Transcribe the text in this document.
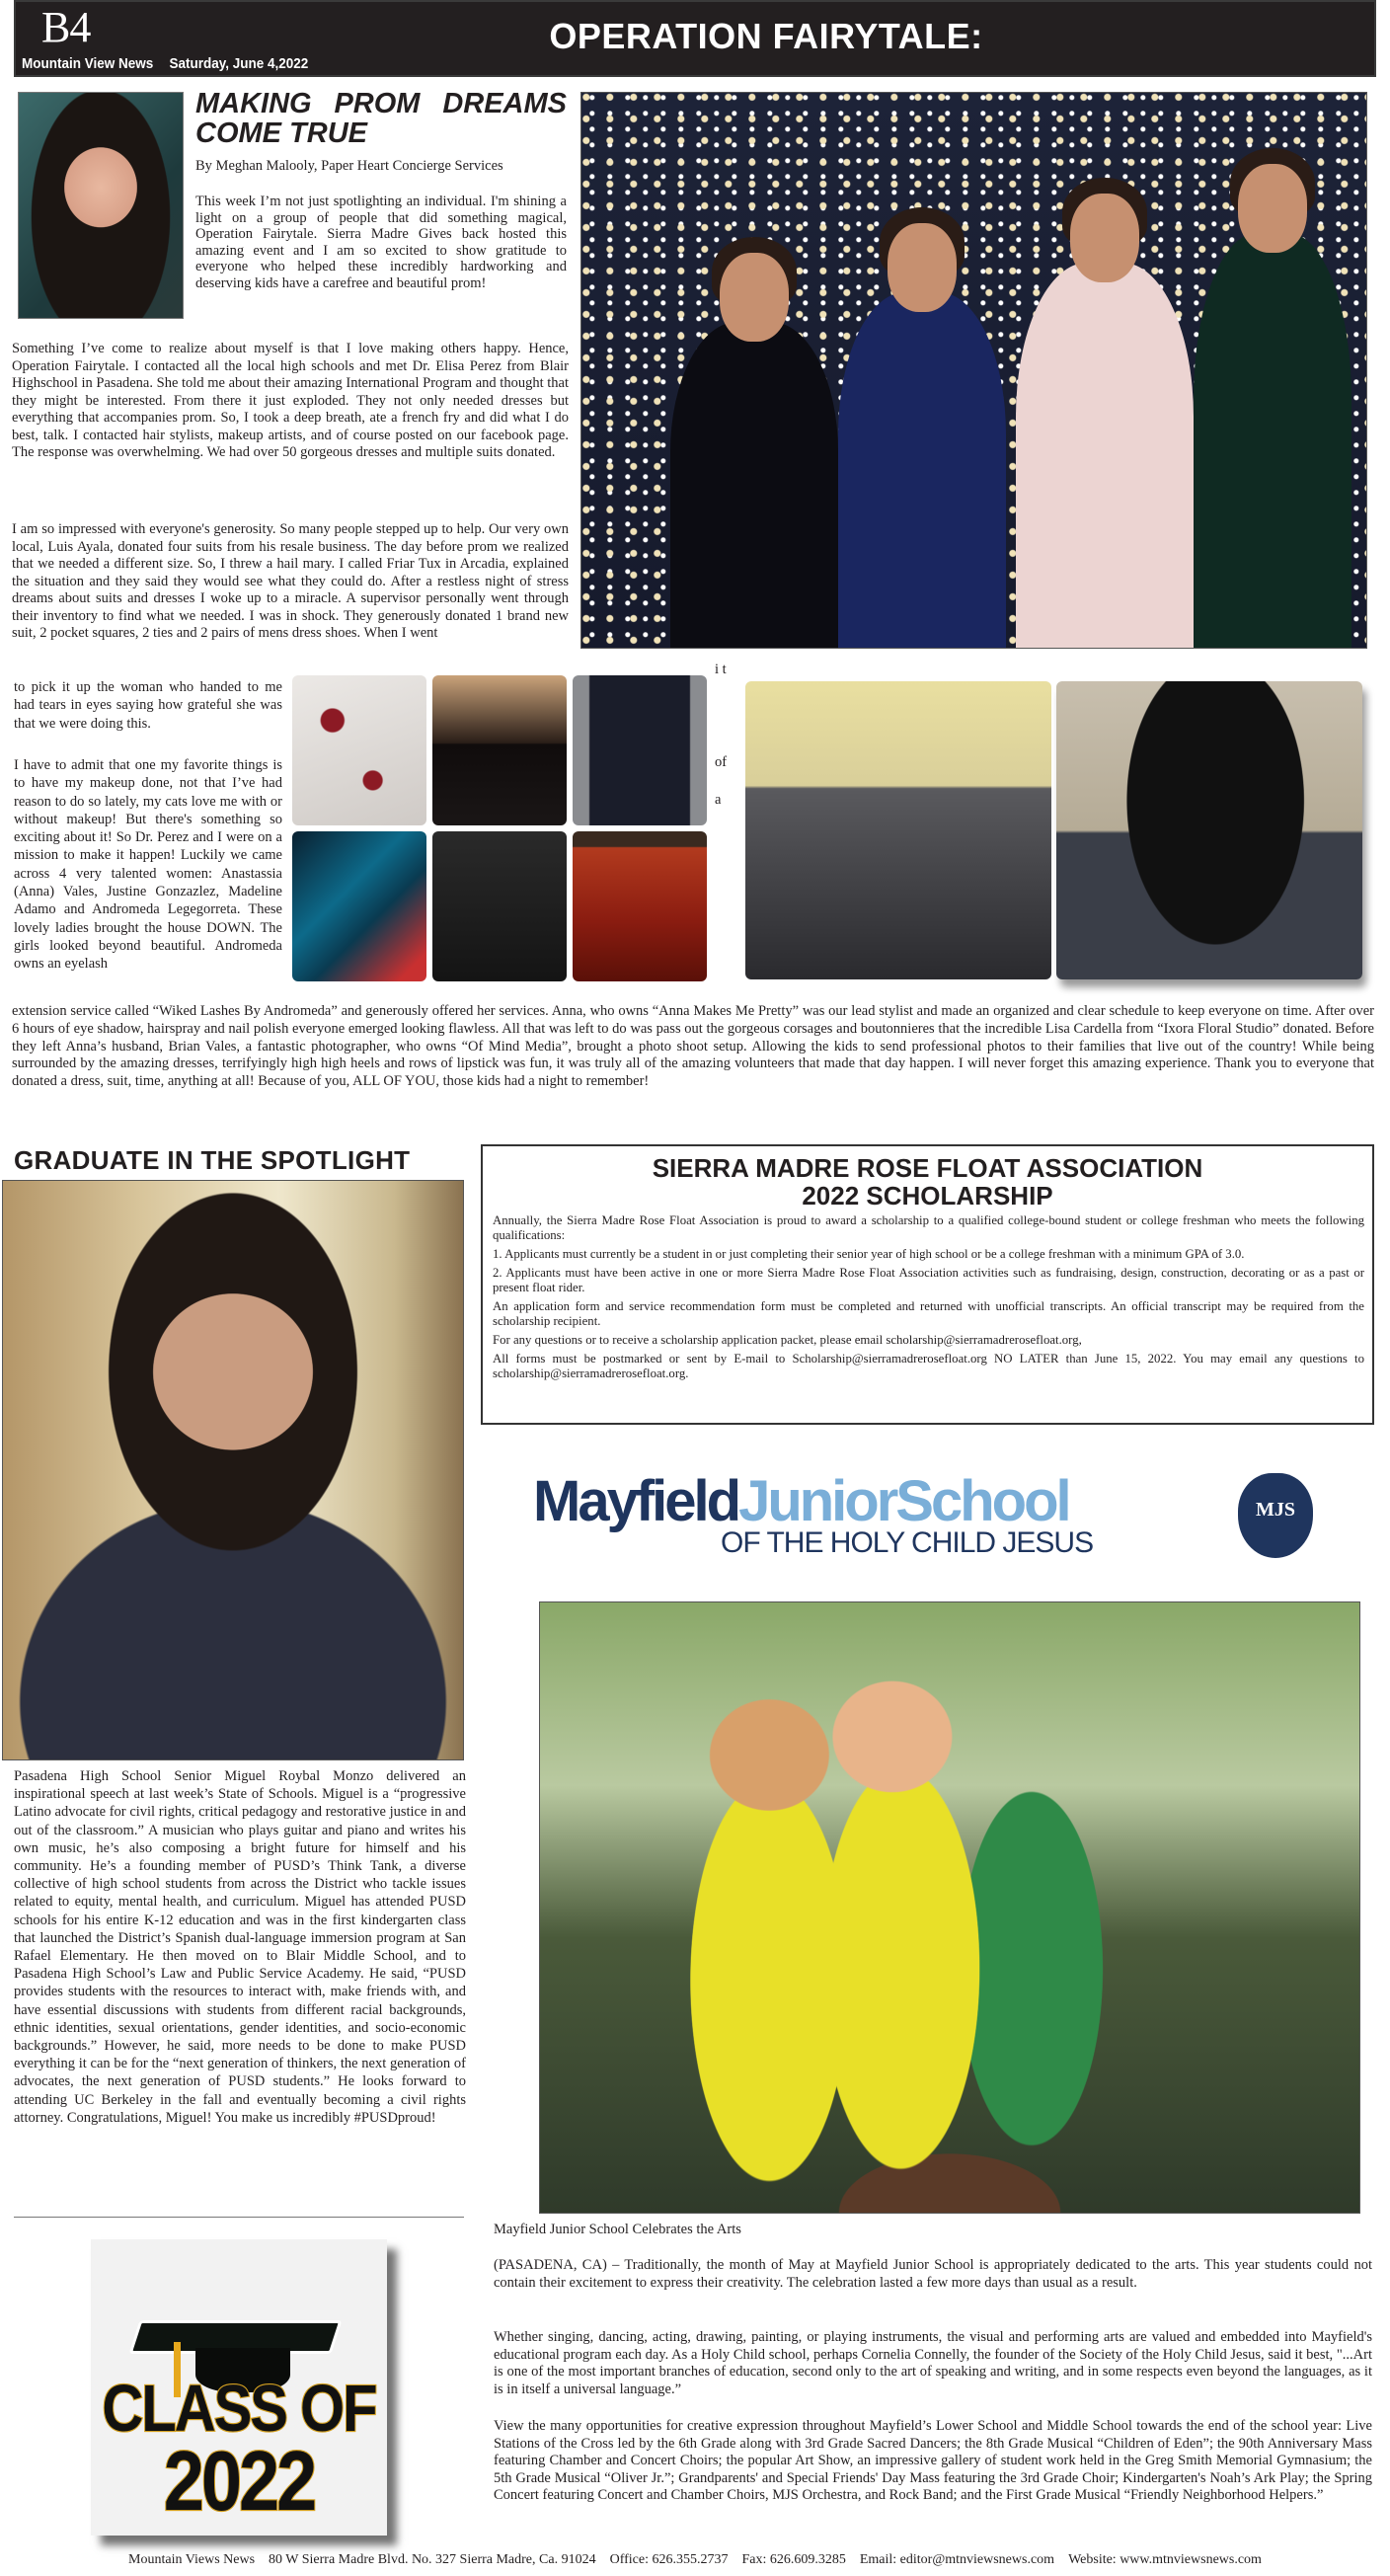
B4
Mountain View News Saturday, June 4,2022
OPERATION FAIRYTALE:
MAKING PROM DREAMS
COME TRUE
By Meghan Malooly, Paper Heart Concierge Services

This week I’m not just spotlighting an individual. I'm shining a light on a group of people that did something magical, Operation Fairytale. Sierra Madre Gives back hosted this amazing event and I am so excited to show gratitude to everyone who helped these incredibly hardworking and deserving kids have a carefree and beautiful prom!

Something I’ve come to realize about myself is that I love making others happy. Hence, Operation Fairytale. I contacted all the local high schools and met Dr. Elisa Perez from Blair Highschool in Pasadena. She told me about their amazing International Program and thought that they might be interested. From there it just exploded. They not only needed dresses but everything that accompanies prom. So, I took a deep breath, ate a french fry and did what I do best, talk. I contacted hair stylists, makeup artists, and of course posted on our facebook page. The response was overwhelming. We had over 50 gorgeous dresses and multiple suits donated.

I am so impressed with everyone's generosity. So many people stepped up to help. Our very own local, Luis Ayala, donated four suits from his resale business. The day before prom we realized that we needed a different size. So, I threw a hail mary. I called Friar Tux in Arcadia, explained the situation and they said they would see what they could do. After a restless night of stress dreams about suits and dresses I woke up to a miracle. A supervisor personally went through their inventory to find what we needed. I was in shock. They generously donated 1 brand new suit, 2 pocket squares, 2 ties and 2 pairs of mens dress shoes. When I went

to pick it up the woman who handed to me had tears in eyes saying how grateful she was that we were doing this.

I have to admit that one my favorite things is to have my makeup done, not that I’ve had reason to do so lately, my cats love me with or without makeup! But there's something so exciting about it! So Dr. Perez and I were on a mission to make it happen! Luckily we came across 4 very talented women: Anastassia (Anna) Vales, Justine Gonzazlez, Madeline Adamo and Andromeda Legegorreta. These lovely ladies brought the house DOWN. The girls looked beyond beautiful. Andromeda owns an eyelash

i t
of
a

extension service called “Wiked Lashes By Andromeda” and generously offered her services. Anna, who owns “Anna Makes Me Pretty” was our lead stylist and made an organized and clear schedule to keep everyone on time. After over 6 hours of eye shadow, hairspray and nail polish everyone emerged looking flawless. All that was left to do was pass out the gorgeous corsages and boutonnieres that the incredible Lisa Cardella from “Ixora Floral Studio” donated. Before they left Anna’s husband, Brian Vales, a fantastic photographer, who owns “Of Mind Media”, brought a photo shoot setup. Allowing the kids to send professional photos to their families that live out of the country! While being surrounded by the amazing dresses, terrifyingly high high heels and rows of lipstick was fun, it was truly all of the amazing volunteers that made that day happen. I will never forget this amazing experience. Thank you to everyone that donated a dress, suit, time, anything at all! Because of you, ALL OF YOU, those kids had a night to remember!

GRADUATE IN THE SPOTLIGHT

Pasadena High School Senior Miguel Roybal Monzo delivered an inspirational speech at last week’s State of Schools. Miguel is a “progressive Latino advocate for civil rights, critical pedagogy and restorative justice in and out of the classroom.” A musician who plays guitar and piano and writes his own music, he’s also composing a bright future for himself and his community. He’s a founding member of PUSD’s Think Tank, a diverse collective of high school students from across the District who tackle issues related to equity, mental health, and curriculum. Miguel has attended PUSD schools for his entire K-12 education and was in the first kindergarten class that launched the District’s Spanish dual-language immersion program at San Rafael Elementary. He then moved on to Blair Middle School, and to Pasadena High School’s Law and Public Service Academy. He said, “PUSD provides students with the resources to interact with, make friends with, and have essential discussions with students from different racial backgrounds, ethnic identities, sexual orientations, gender identities, and socio-economic backgrounds.” However, he said, more needs to be done to make PUSD everything it can be for the “next generation of thinkers, the next generation of advocates, the next generation of PUSD students.” He looks forward to attending UC Berkeley in the fall and eventually becoming a civil rights attorney. Congratulations, Miguel! You make us incredibly #PUSDproud!

CLASS OF
2022
SIERRA MADRE ROSE FLOAT ASSOCIATION
2022 SCHOLARSHIP

Annually, the Sierra Madre Rose Float Association is proud to award a scholarship to a qualified college-bound student or college freshman who meets the following qualifications:

1. Applicants must currently be a student in or just completing their senior year of high school or be a college freshman with a minimum GPA of 3.0.

2. Applicants must have been active in one or more Sierra Madre Rose Float Association activities such as fundraising, design, construction, decorating or as a past or present float rider.

An application form and service recommendation form must be completed and returned with unofficial transcripts. An official transcript may be required from the scholarship recipient.

For any questions or to receive a scholarship application packet, please email scholarship@sierramadrerosefloat.org,

All forms must be postmarked or sent by E-mail to Scholarship@sierramadrerosefloat.org NO LATER than June 15, 2022. You may email any questions to scholarship@sierramadrerosefloat.org.

MayfieldJuniorSchool
OF THE HOLY CHILD JESUS
MJS
Mayfield Junior School Celebrates the Arts

(PASADENA, CA) – Traditionally, the month of May at Mayfield Junior School is appropriately dedicated to the arts. This year students could not contain their excitement to express their creativity. The celebration lasted a few more days than usual as a result.

Whether singing, dancing, acting, drawing, painting, or playing instruments, the visual and performing arts are valued and embedded into Mayfield's educational program each day. As a Holy Child school, perhaps Cornelia Connelly, the founder of the Society of the Holy Child Jesus, said it best, "...Art is one of the most important branches of education, second only to the art of speaking and writing, and in some respects even beyond the languages, as it is in itself a universal language.”

View the many opportunities for creative expression throughout Mayfield’s Lower School and Middle School towards the end of the school year: Live Stations of the Cross led by the 6th Grade along with 3rd Grade Sacred Dancers; the 8th Grade Musical “Children of Eden”; the 90th Anniversary Mass featuring Chamber and Concert Choirs; the popular Art Show, an impressive gallery of student work held in the Greg Smith Memorial Gymnasium; the 5th Grade Musical “Oliver Jr.”; Grandparents' and Special Friends' Day Mass featuring the 3rd Grade Choir; Kindergarten's Noah’s Ark Play; the Spring Concert featuring Concert and Chamber Choirs, MJS Orchestra, and Rock Band; and the First Grade Musical “Friendly Neighborhood Helpers.”

Mountain Views News 80 W Sierra Madre Blvd. No. 327 Sierra Madre, Ca. 91024 Office: 626.355.2737 Fax: 626.609.3285 Email: editor@mtnviewsnews.com Website: www.mtnviewsnews.com
